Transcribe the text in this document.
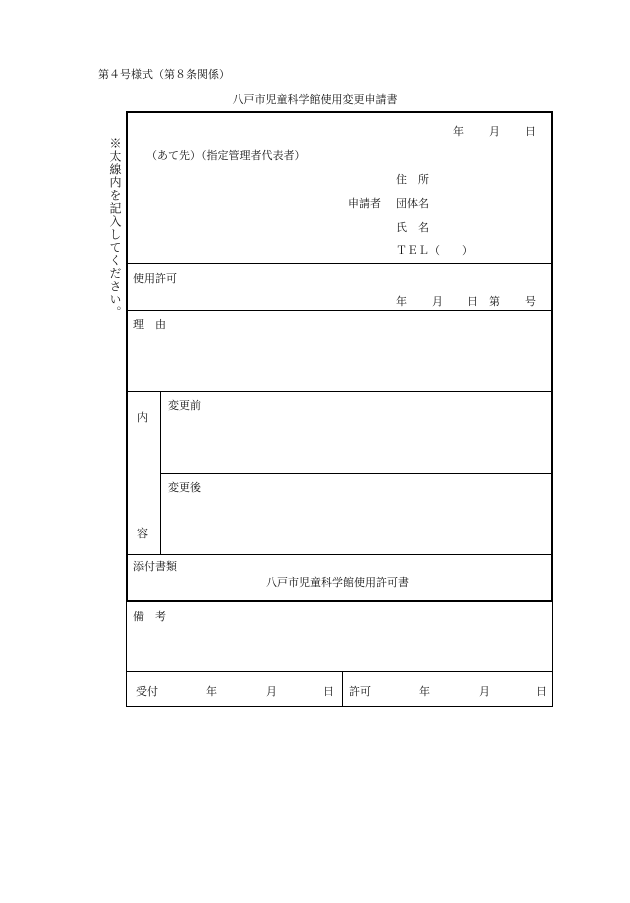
第４号様式（第８条関係）
八戸市児童科学館使用変更申請書
※太線内を記入してください。
年 月 日
（あて先）（指定管理者代表者）
住　所
申請者 団体名
氏　名
ＴＥＬ（　　）
使用許可
年 月 日 第 号
理　由
内
容
変更前
変更後
添付書類
八戸市児童科学館使用許可書
備　考
受付	年	月	日 許可	年	月	日
